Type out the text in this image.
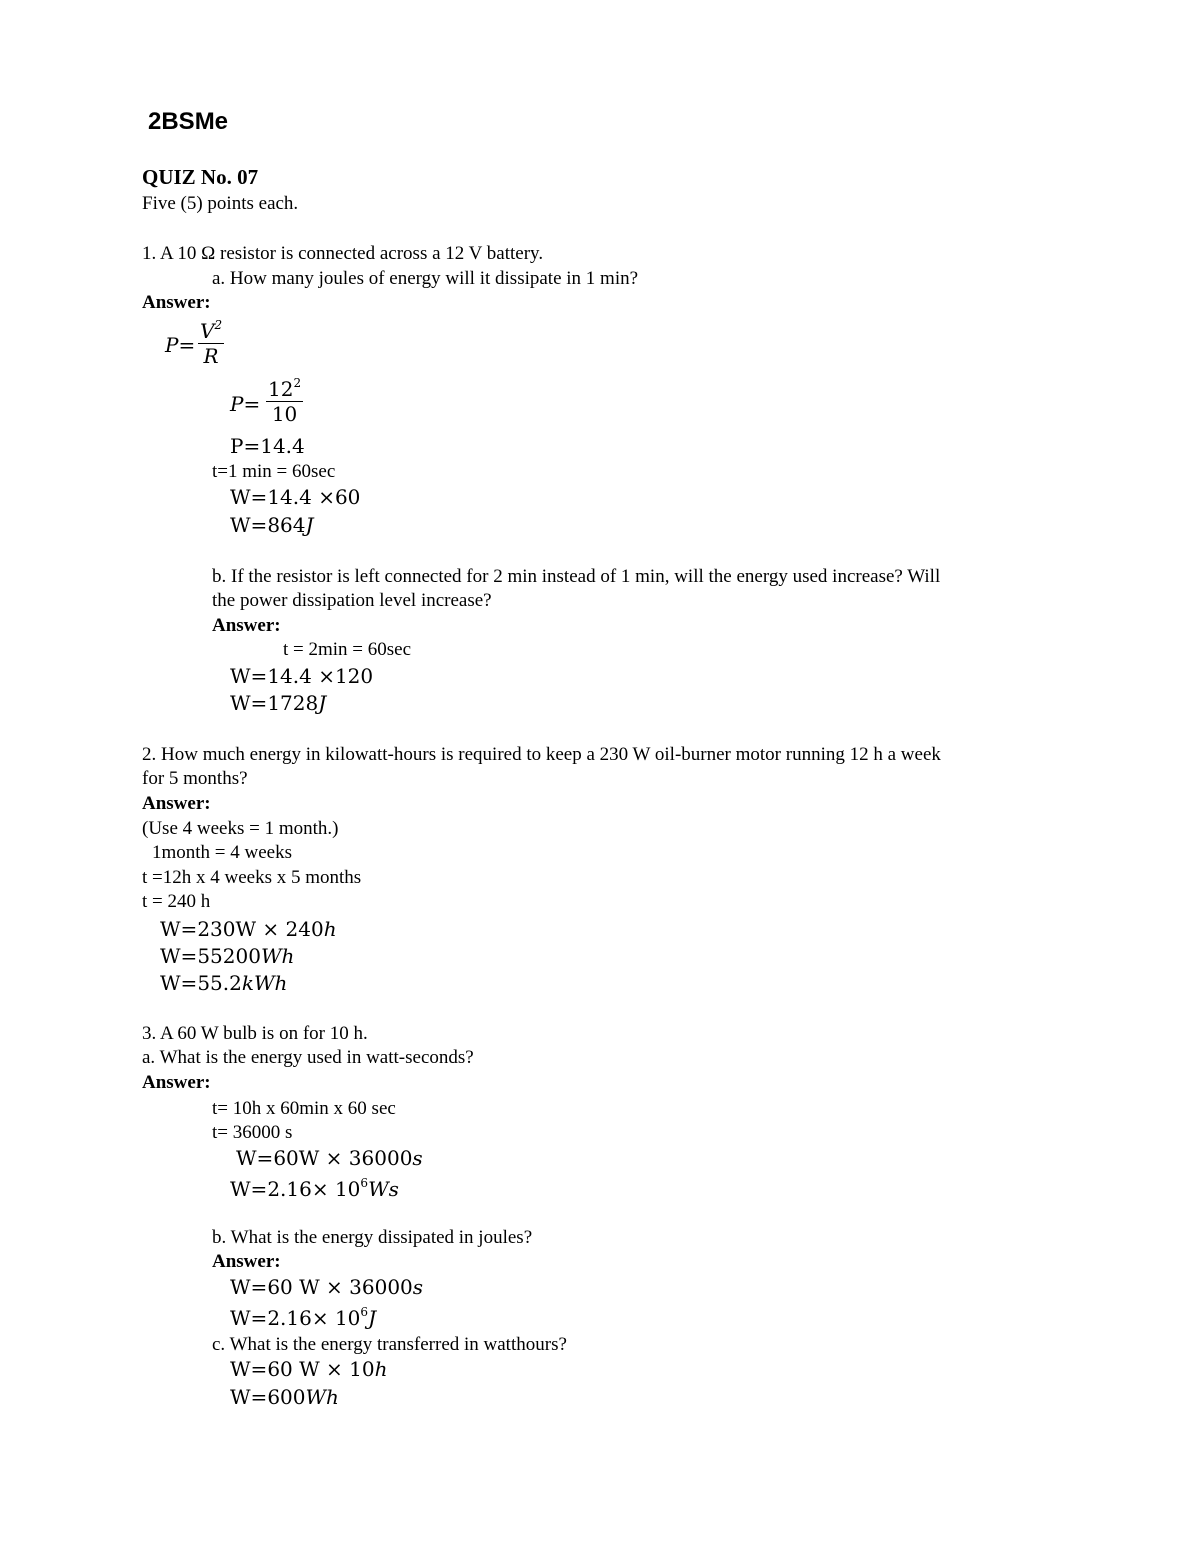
2BSMe
QUIZ No. 07
Five (5) points each.
1. A 10 Ω resistor is connected across a 12 V battery.
a. How many joules of energy will it dissipate in 1 min?
Answer:
$P= \frac{V^2}{R}$
$P= \frac{12^2}{10}$
P=14.4
t=1 min = 60sec
W=14.4 ×60
W=864J
b. If the resistor is left connected for 2 min instead of 1 min, will the energy used increase? Will
the power dissipation level increase?
Answer:
t = 2min = 60sec
W=14.4 ×120
W=1728J
2. How much energy in kilowatt-hours is required to keep a 230 W oil-burner motor running 12 h a week
for 5 months?
Answer:
(Use 4 weeks = 1 month.)
1month = 4 weeks
t =12h x 4 weeks x 5 months
t = 240 h
W=230W × 240h
W=55200Wh
W=55.2kWh
3. A 60 W bulb is on for 10 h.
a. What is the energy used in watt-seconds?
Answer:
t= 10h x 60min x 60 sec
t= 36000 s
W=60W × 36000s
$W=2.16\times 10^6Ws$
b. What is the energy dissipated in joules?
Answer:
W=60 W × 36000s
$W=2.16\times 10^6J$
c. What is the energy transferred in watthours?
W=60 W × 10h
W=600Wh
